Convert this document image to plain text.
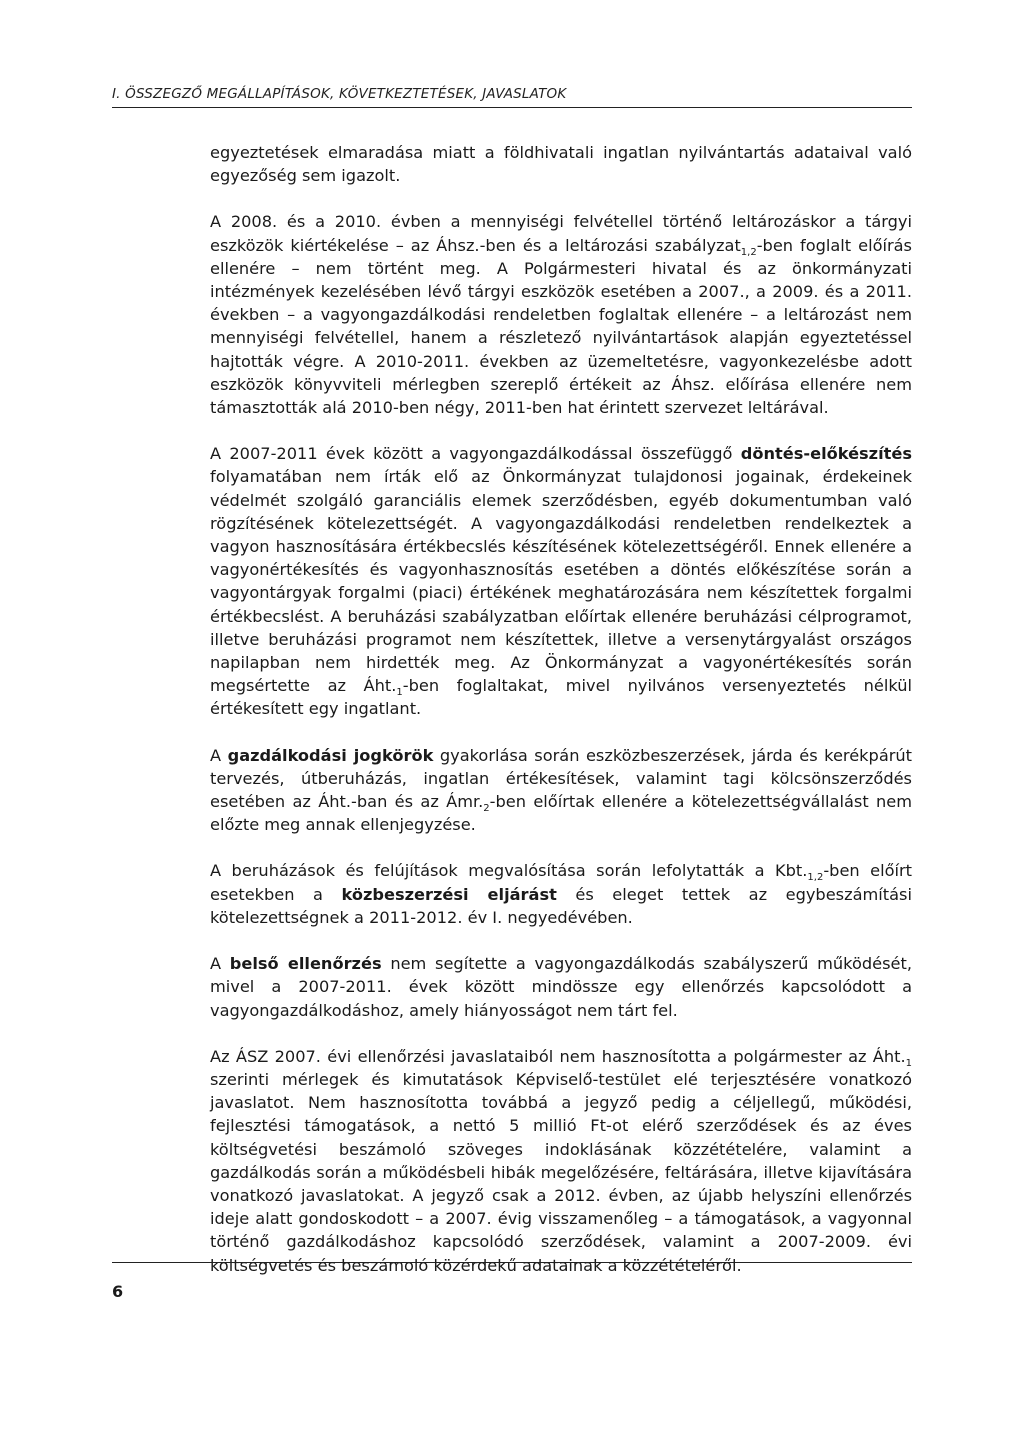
I. ÖSSZEGZŐ MEGÁLLAPÍTÁSOK, KÖVETKEZTETÉSEK, JAVASLATOK

egyeztetések elmaradása miatt a földhivatali ingatlan nyilvántartás adataival való egyezőség sem igazolt.

A 2008. és a 2010. évben a mennyiségi felvétellel történő leltározáskor a tárgyi eszközök kiértékelése – az Áhsz.-ben és a leltározási szabályzat$_{1,2}$-ben foglalt előírás ellenére – nem történt meg. A Polgármesteri hivatal és az önkormányzati intézmények kezelésében lévő tárgyi eszközök esetében a 2007., a 2009. és a 2011. években – a vagyongazdálkodási rendeletben foglaltak ellenére – a leltározást nem mennyiségi felvétellel, hanem a részletező nyilvántartások alapján egyeztetéssel hajtották végre. A 2010-2011. években az üzemeltetésre, vagyonkezelésbe adott eszközök könyvviteli mérlegben szereplő értékeit az Áhsz. előírása ellenére nem támasztották alá 2010-ben négy, 2011-ben hat érintett szervezet leltárával.

A 2007-2011 évek között a vagyongazdálkodással összefüggő döntés-előkészítés folyamatában nem írták elő az Önkormányzat tulajdonosi jogainak, érdekeinek védelmét szolgáló garanciális elemek szerződésben, egyéb dokumentumban való rögzítésének kötelezettségét. A vagyongazdálkodási rendeletben rendelkeztek a vagyon hasznosítására értékbecslés készítésének kötelezettségéről. Ennek ellenére a vagyonértékesítés és vagyonhasznosítás esetében a döntés előkészítése során a vagyontárgyak forgalmi (piaci) értékének meghatározására nem készítettek forgalmi értékbecslést. A beruházási szabályzatban előírtak ellenére beruházási célprogramot, illetve beruházási programot nem készítettek, illetve a versenytárgyalást országos napilapban nem hirdették meg. Az Önkormányzat a vagyonértékesítés során megsértette az $Áht._1$-ben foglaltakat, mivel nyilvános versenyeztetés nélkül értékesített egy ingatlant.

A gazdálkodási jogkörök gyakorlása során eszközbeszerzések, járda és kerékpárút tervezés, útberuházás, ingatlan értékesítések, valamint tagi kölcsönszerződés esetében az Áht.-ban és az $Ámr._2$-ben előírtak ellenére a kötelezettségvállalást nem előzte meg annak ellenjegyzése.

A beruházások és felújítások megvalósítása során lefolytatták a $Kbt._{1,2}$-ben előírt esetekben a közbeszerzési eljárást és eleget tettek az egybeszámítási kötelezettségnek a 2011-2012. év I. negyedévében.

A belső ellenőrzés nem segítette a vagyongazdálkodás szabályszerű működését, mivel a 2007-2011. évek között mindössze egy ellenőrzés kapcsolódott a vagyongazdálkodáshoz, amely hiányosságot nem tárt fel.

Az ÁSZ 2007. évi ellenőrzési javaslataiból nem hasznosította a polgármester az $Áht._1$ szerinti mérlegek és kimutatások Képviselő-testület elé terjesztésére vonatkozó javaslatot. Nem hasznosította továbbá a jegyző pedig a céljellegű, működési, fejlesztési támogatások, a nettó 5 millió Ft-ot elérő szerződések és az éves költségvetési beszámoló szöveges indoklásának közzétételére, valamint a gazdálkodás során a működésbeli hibák megelőzésére, feltárására, illetve kijavítására vonatkozó javaslatokat. A jegyző csak a 2012. évben, az újabb helyszíni ellenőrzés ideje alatt gondoskodott – a 2007. évig visszamenőleg – a támogatások, a vagyonnal történő gazdálkodáshoz kapcsolódó szerződések, valamint a 2007-2009. évi költségvetés és beszámoló közérdekű adatainak a közzétételéről.

6
